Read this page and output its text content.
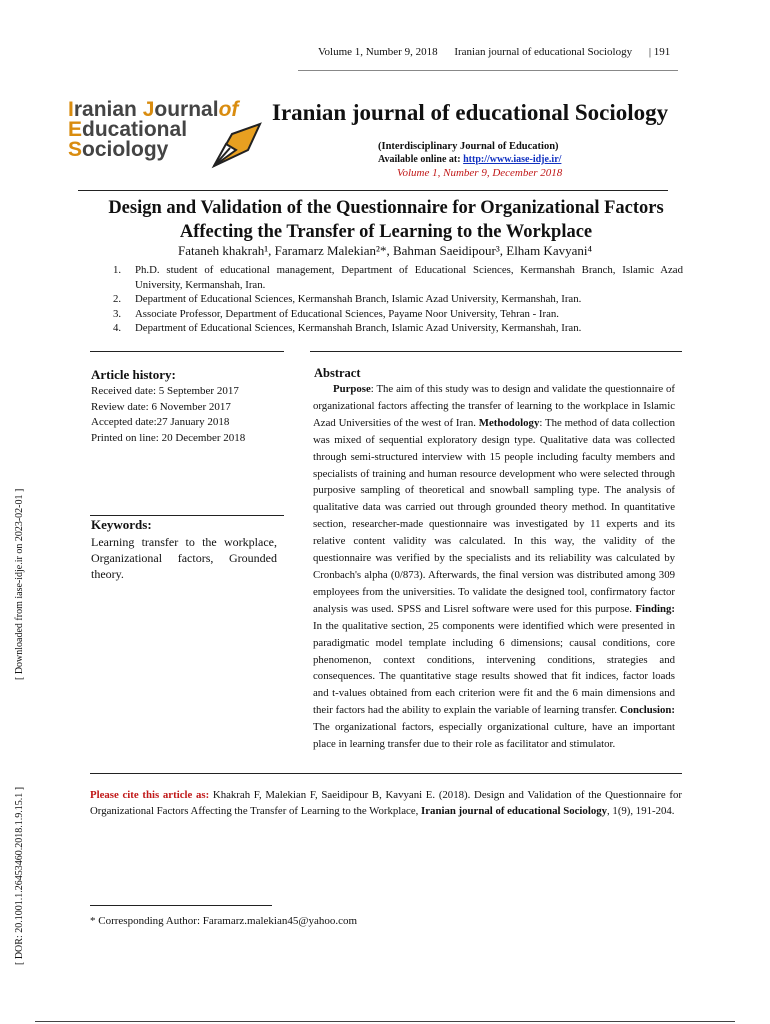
Volume 1, Number 9, 2018 Iranian journal of educational Sociology | 191
Iranian Journalof
Educational
Sociology
Iranian journal of educational Sociology
(Interdisciplinary Journal of Education)
Available online at: http://www.iase-idje.ir/
Volume 1, Number 9, December 2018
Design and Validation of the Questionnaire for Organizational Factors Affecting the Transfer of Learning to the Workplace
Fataneh khakrah¹, Faramarz Malekian²*, Bahman Saeidipour³, Elham Kavyani⁴
1. Ph.D. student of educational management, Department of Educational Sciences, Kermanshah Branch, Islamic Azad University, Kermanshah, Iran.
2. Department of Educational Sciences, Kermanshah Branch, Islamic Azad University, Kermanshah, Iran.
3. Associate Professor, Department of Educational Sciences, Payame Noor University, Tehran - Iran.
4. Department of Educational Sciences, Kermanshah Branch, Islamic Azad University, Kermanshah, Iran.
Article history:
Received date: 5 September 2017
Review date: 6 November 2017
Accepted date:27 January 2018
Printed on line: 20 December 2018
Keywords:
Learning transfer to the workplace, Organizational factors, Grounded theory.
Abstract
Purpose: The aim of this study was to design and validate the questionnaire of organizational factors affecting the transfer of learning to the workplace in Islamic Azad Universities of the west of Iran. Methodology: The method of data collection was mixed of sequential exploratory design type. Qualitative data was collected through semi-structured interview with 15 people including faculty members and specialists of training and human resource development who were selected through purposive sampling of theoretical and snowball sampling type. The analysis of qualitative data was carried out through grounded theory method. In quantitative section, researcher-made questionnaire was investigated by 11 experts and its relative content validity was calculated. In this way, the validity of the questionnaire was verified by the specialists and its reliability was calculated by Cronbach's alpha (0/873). Afterwards, the final version was distributed among 309 employees from the universities. To validate the designed tool, confirmatory factor analysis was used. SPSS and Lisrel software were used for this purpose. Finding: In the qualitative section, 25 components were identified which were presented in paradigmatic model template including 6 dimensions; causal conditions, core phenomenon, context conditions, intervening conditions, strategies and consequences. The quantitative stage results showed that fit indices, factor loads and t-values obtained from each criterion were fit and the 6 main dimensions and their factors had the ability to explain the variable of learning transfer. Conclusion: The organizational factors, especially organizational culture, have an important place in learning transfer due to their role as facilitator and stimulator.
Please cite this article as: Khakrah F, Malekian F, Saeidipour B, Kavyani E. (2018). Design and Validation of the Questionnaire for Organizational Factors Affecting the Transfer of Learning to the Workplace, Iranian journal of educational Sociology, 1(9), 191-204.
* Corresponding Author: Faramarz.malekian45@yahoo.com
[ Downloaded from iase-idje.ir on 2023-02-01 ]
[ DOR: 20.1001.1.26453460.2018.1.9.15.1 ]
